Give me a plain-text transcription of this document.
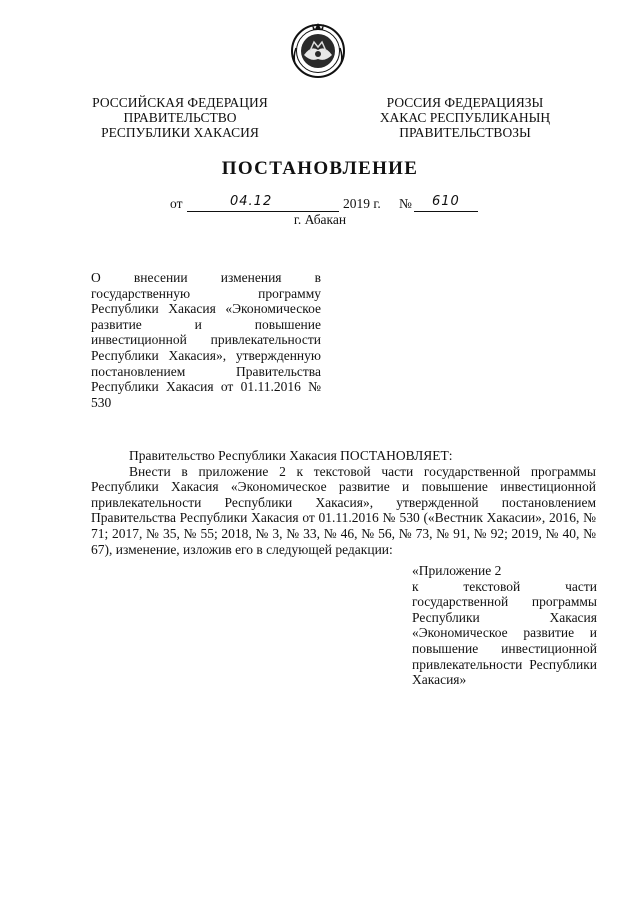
РОССИЙСКАЯ ФЕДЕРАЦИЯ
ПРАВИТЕЛЬСТВО
РЕСПУБЛИКИ ХАКАСИЯ
РОССИЯ ФЕДЕРАЦИЯЗЫ
ХАКАС РЕСПУБЛИКАНЫҢ
ПРАВИТЕЛЬСТВОЗЫ
ПОСТАНОВЛЕНИЕ
от	04.12	2019 г. № 610
г. Абакан
О внесении изменения в государственную программу Республики Хакасия «Экономическое развитие и повышение инвестиционной привлекательности Республики Хакасия», утвержденную постановлением Правительства Республики Хакасия от 01.11.2016 № 530

Правительство Республики Хакасия ПОСТАНОВЛЯЕТ:

Внести в приложение 2 к текстовой части государственной программы Республики Хакасия «Экономическое развитие и повышение инвестиционной привлекательности Республики Хакасия», утвержденной постановлением Правительства Республики Хакасия от 01.11.2016 № 530 («Вестник Хакасии», 2016, № 71; 2017, № 35, № 55; 2018, № 3, № 33, № 46, № 56, № 73, № 91, № 92; 2019, № 40, № 67), изменение, изложив его в следующей редакции:

«Приложение 2
к текстовой части государственной программы Республики Хакасия «Экономическое развитие и повышение инвестиционной привлекательности Республики Хакасия»
